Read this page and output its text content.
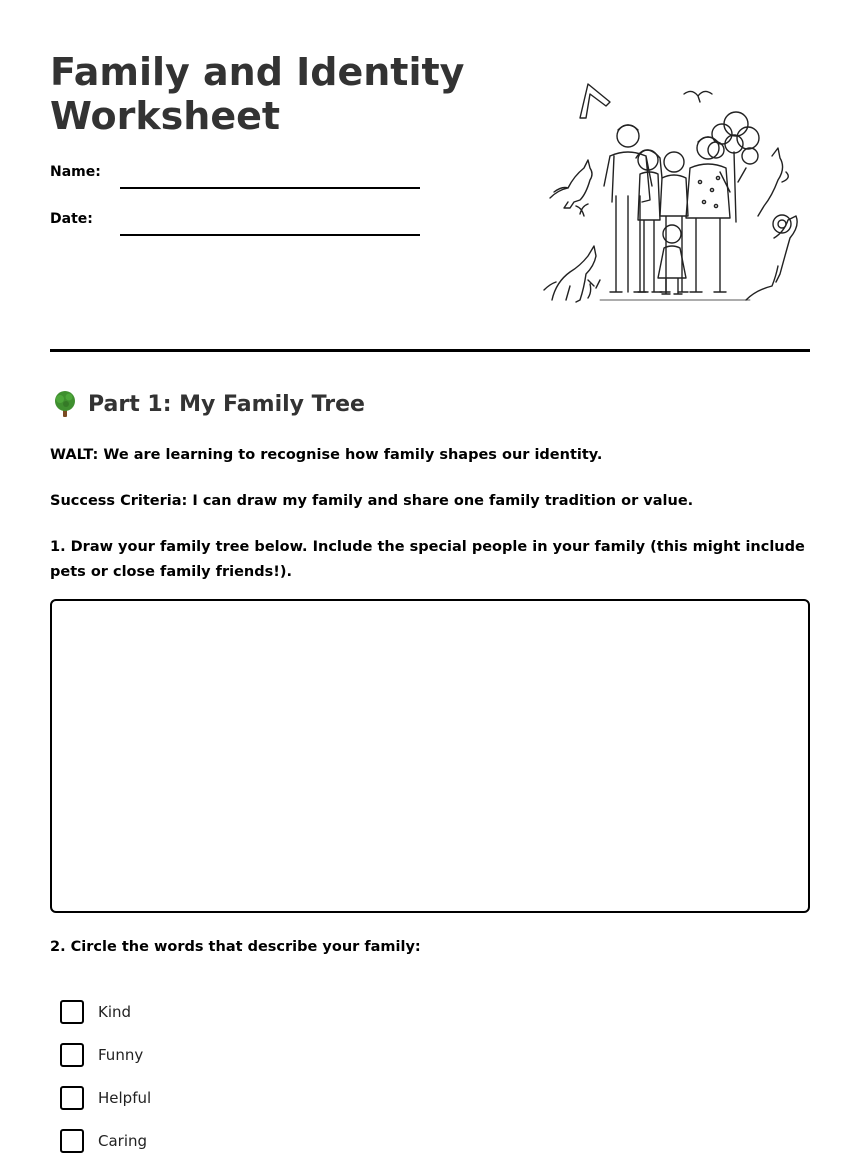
Family and Identity Worksheet
Name:
Date:
Part 1: My Family Tree
WALT: We are learning to recognise how family shapes our identity.
Success Criteria: I can draw my family and share one family tradition or value.
1. Draw your family tree below. Include the special people in your family (this might include pets or close family friends!).
2. Circle the words that describe your family:
Kind
Funny
Helpful
Caring
